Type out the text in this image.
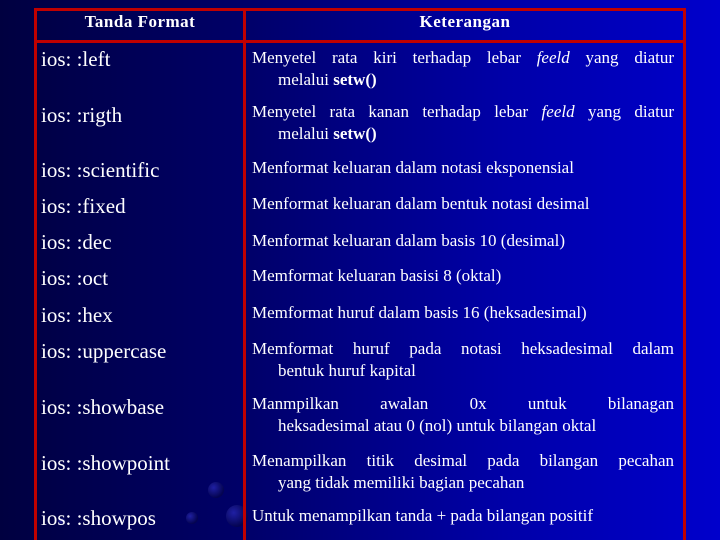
Tanda Format	Keterangan
ios: :left	Menyetel rata kiri terhadap lebar feeld yang diatur
melalui setw()
ios: :rigth	Menyetel rata kanan terhadap lebar feeld yang diatur
melalui setw()
ios: :scientific	Menformat keluaran dalam notasi eksponensial
ios: :fixed	Menformat keluaran dalam bentuk notasi desimal
ios: :dec	Menformat keluaran dalam basis 10 (desimal)
ios: :oct	Memformat keluaran basisi 8 (oktal)
ios: :hex	Memformat huruf dalam basis 16 (heksadesimal)
ios: :uppercase	Memformat huruf pada notasi heksadesimal dalam
bentuk huruf kapital
ios: :showbase	Manmpilkan awalan 0x untuk bilanagan
heksadesimal atau 0 (nol) untuk bilangan oktal
ios: :showpoint	Menampilkan titik desimal pada bilangan pecahan
yang tidak memiliki bagian pecahan
ios: :showpos	Untuk menampilkan tanda + pada bilangan positif
